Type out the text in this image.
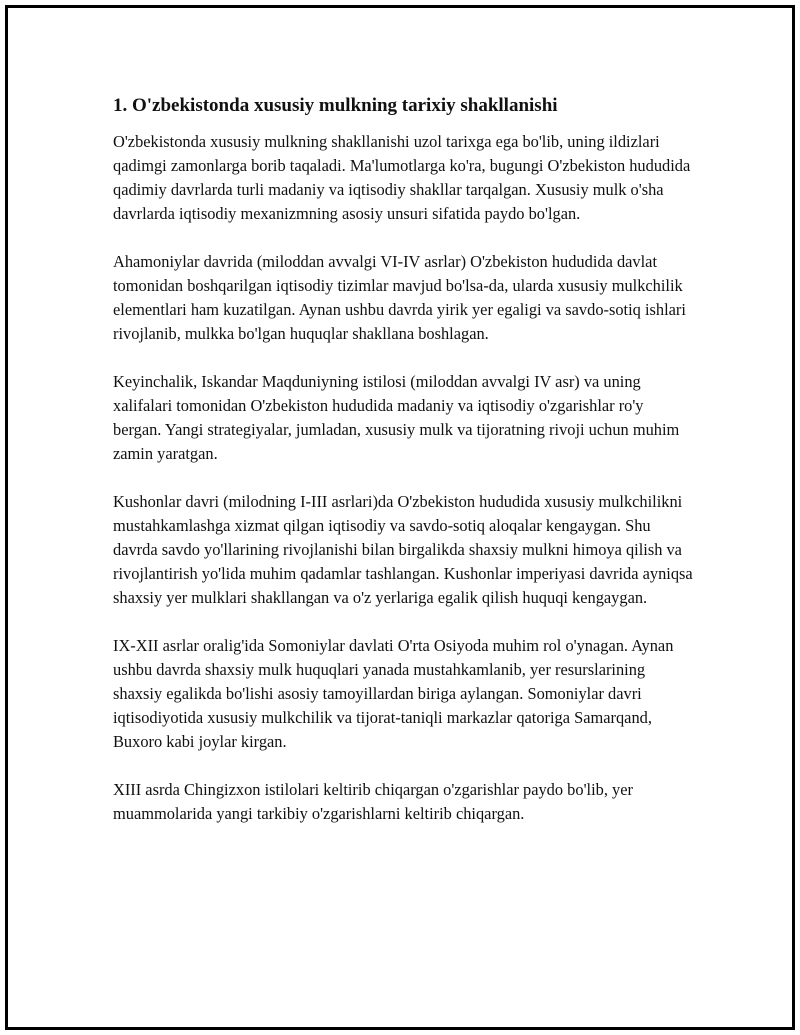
1. O'zbekistonda xususiy mulkning tarixiy shakllanishi

O'zbekistonda xususiy mulkning shakllanishi uzol tarixga ega bo'lib, uning ildizlari qadimgi zamonlarga borib taqaladi. Ma'lumotlarga ko'ra, bugungi O'zbekiston hududida qadimiy davrlarda turli madaniy va iqtisodiy shakllar tarqalgan. Xususiy mulk o'sha davrlarda iqtisodiy mexanizmning asosiy unsuri sifatida paydo bo'lgan.

Ahamoniylar davrida (miloddan avvalgi VI-IV asrlar) O'zbekiston hududida davlat tomonidan boshqarilgan iqtisodiy tizimlar mavjud bo'lsa-da, ularda xususiy mulkchilik elementlari ham kuzatilgan. Aynan ushbu davrda yirik yer egaligi va savdo-sotiq ishlari rivojlanib, mulkka bo'lgan huquqlar shakllana boshlagan.

Keyinchalik, Iskandar Maqduniyning istilosi (miloddan avvalgi IV asr) va uning xalifalari tomonidan O'zbekiston hududida madaniy va iqtisodiy o'zgarishlar ro'y bergan. Yangi strategiyalar, jumladan, xususiy mulk va tijoratning rivoji uchun muhim zamin yaratgan.

Kushonlar davri (milodning I-III asrlari)da O'zbekiston hududida xususiy mulkchilikni mustahkamlashga xizmat qilgan iqtisodiy va savdo-sotiq aloqalar kengaygan. Shu davrda savdo yo'llarining rivojlanishi bilan birgalikda shaxsiy mulkni himoya qilish va rivojlantirish yo'lida muhim qadamlar tashlangan. Kushonlar imperiyasi davrida ayniqsa shaxsiy yer mulklari shakllangan va o'z yerlariga egalik qilish huquqi kengaygan.

IX-XII asrlar oralig'ida Somoniylar davlati O'rta Osiyoda muhim rol o'ynagan. Aynan ushbu davrda shaxsiy mulk huquqlari yanada mustahkamlanib, yer resurslarining shaxsiy egalikda bo'lishi asosiy tamoyillardan biriga aylangan. Somoniylar davri iqtisodiyotida xususiy mulkchilik va tijorat-taniqli markazlar qatoriga Samarqand, Buxoro kabi joylar kirgan.

XIII asrda Chingizxon istilolari keltirib chiqargan o'zgarishlar paydo bo'lib, yer muammolarida yangi tarkibiy o'zgarishlarni keltirib chiqargan.
